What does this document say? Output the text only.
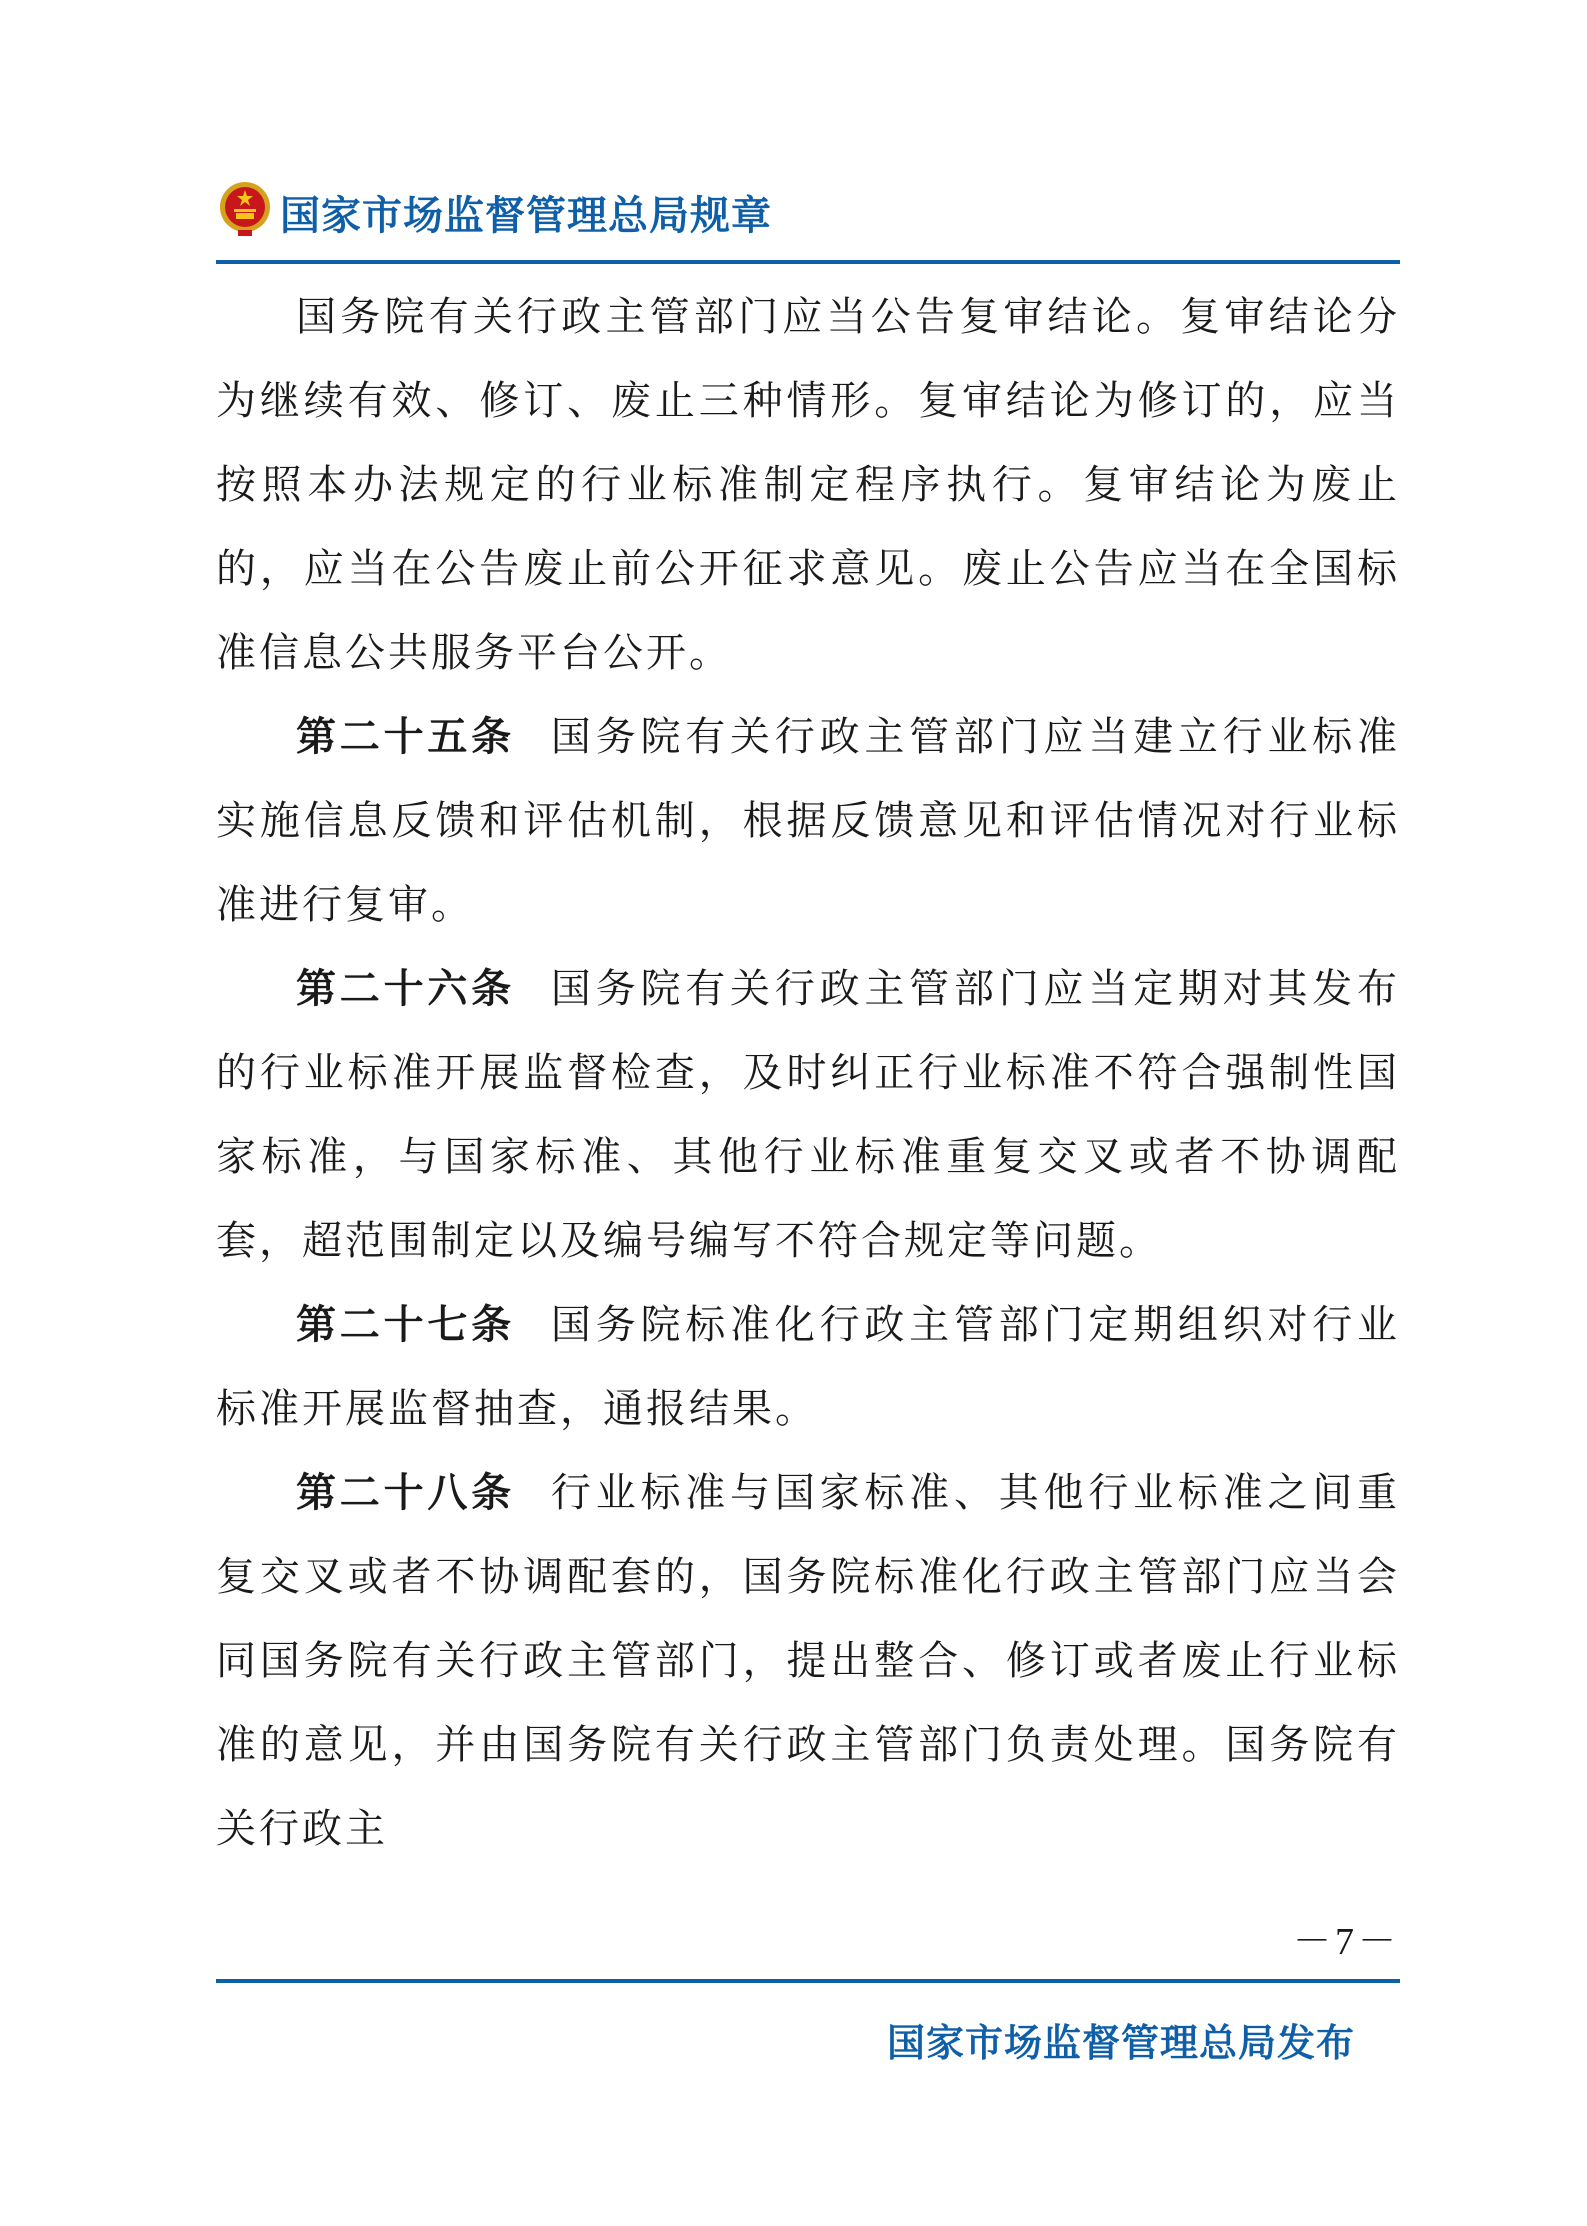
国家市场监督管理总局规章

国务院有关行政主管部门应当公告复审结论。复审结论分为继续有效、修订、废止三种情形。复审结论为修订的，应当按照本办法规定的行业标准制定程序执行。复审结论为废止的，应当在公告废止前公开征求意见。废止公告应当在全国标准信息公共服务平台公开。

第二十五条 国务院有关行政主管部门应当建立行业标准实施信息反馈和评估机制，根据反馈意见和评估情况对行业标准进行复审。

第二十六条 国务院有关行政主管部门应当定期对其发布的行业标准开展监督检查，及时纠正行业标准不符合强制性国家标准，与国家标准、其他行业标准重复交叉或者不协调配套，超范围制定以及编号编写不符合规定等问题。

第二十七条 国务院标准化行政主管部门定期组织对行业标准开展监督抽查，通报结果。

第二十八条 行业标准与国家标准、其他行业标准之间重复交叉或者不协调配套的，国务院标准化行政主管部门应当会同国务院有关行政主管部门，提出整合、修订或者废止行业标准的意见，并由国务院有关行政主管部门负责处理。国务院有关行政主

－7－
国家市场监督管理总局发布
